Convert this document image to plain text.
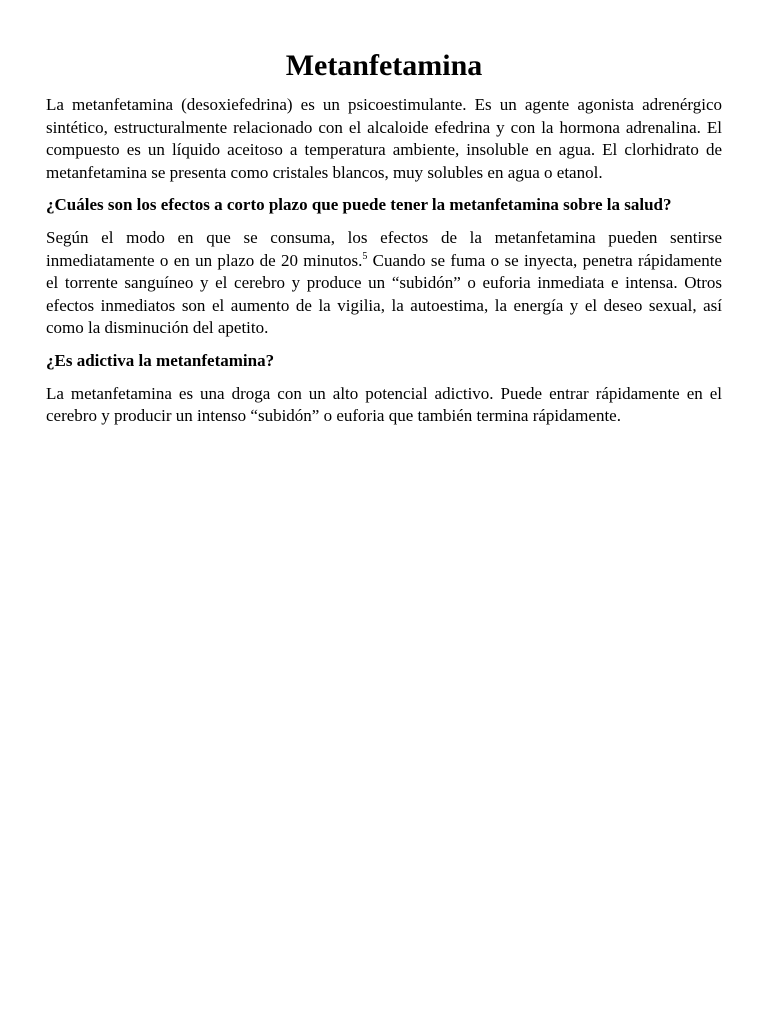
Metanfetamina

La metanfetamina (desoxiefedrina) es un psicoestimulante. Es un agente agonista adrenérgico sintético, estructuralmente relacionado con el alcaloide efedrina y con la hormona adrenalina. El compuesto es un líquido aceitoso a temperatura ambiente, insoluble en agua. El clorhidrato de metanfetamina se presenta como cristales blancos, muy solubles en agua o etanol.

¿Cuáles son los efectos a corto plazo que puede tener la metanfetamina sobre la salud?

Según el modo en que se consuma, los efectos de la metanfetamina pueden sentirse inmediatamente o en un plazo de 20 minutos.$^5$ Cuando se fuma o se inyecta, penetra rápidamente el torrente sanguíneo y el cerebro y produce un “subidón” o euforia inmediata e intensa. Otros efectos inmediatos son el aumento de la vigilia, la autoestima, la energía y el deseo sexual, así como la disminución del apetito.

¿Es adictiva la metanfetamina?

La metanfetamina es una droga con un alto potencial adictivo. Puede entrar rápidamente en el cerebro y producir un intenso “subidón” o euforia que también termina rápidamente.
